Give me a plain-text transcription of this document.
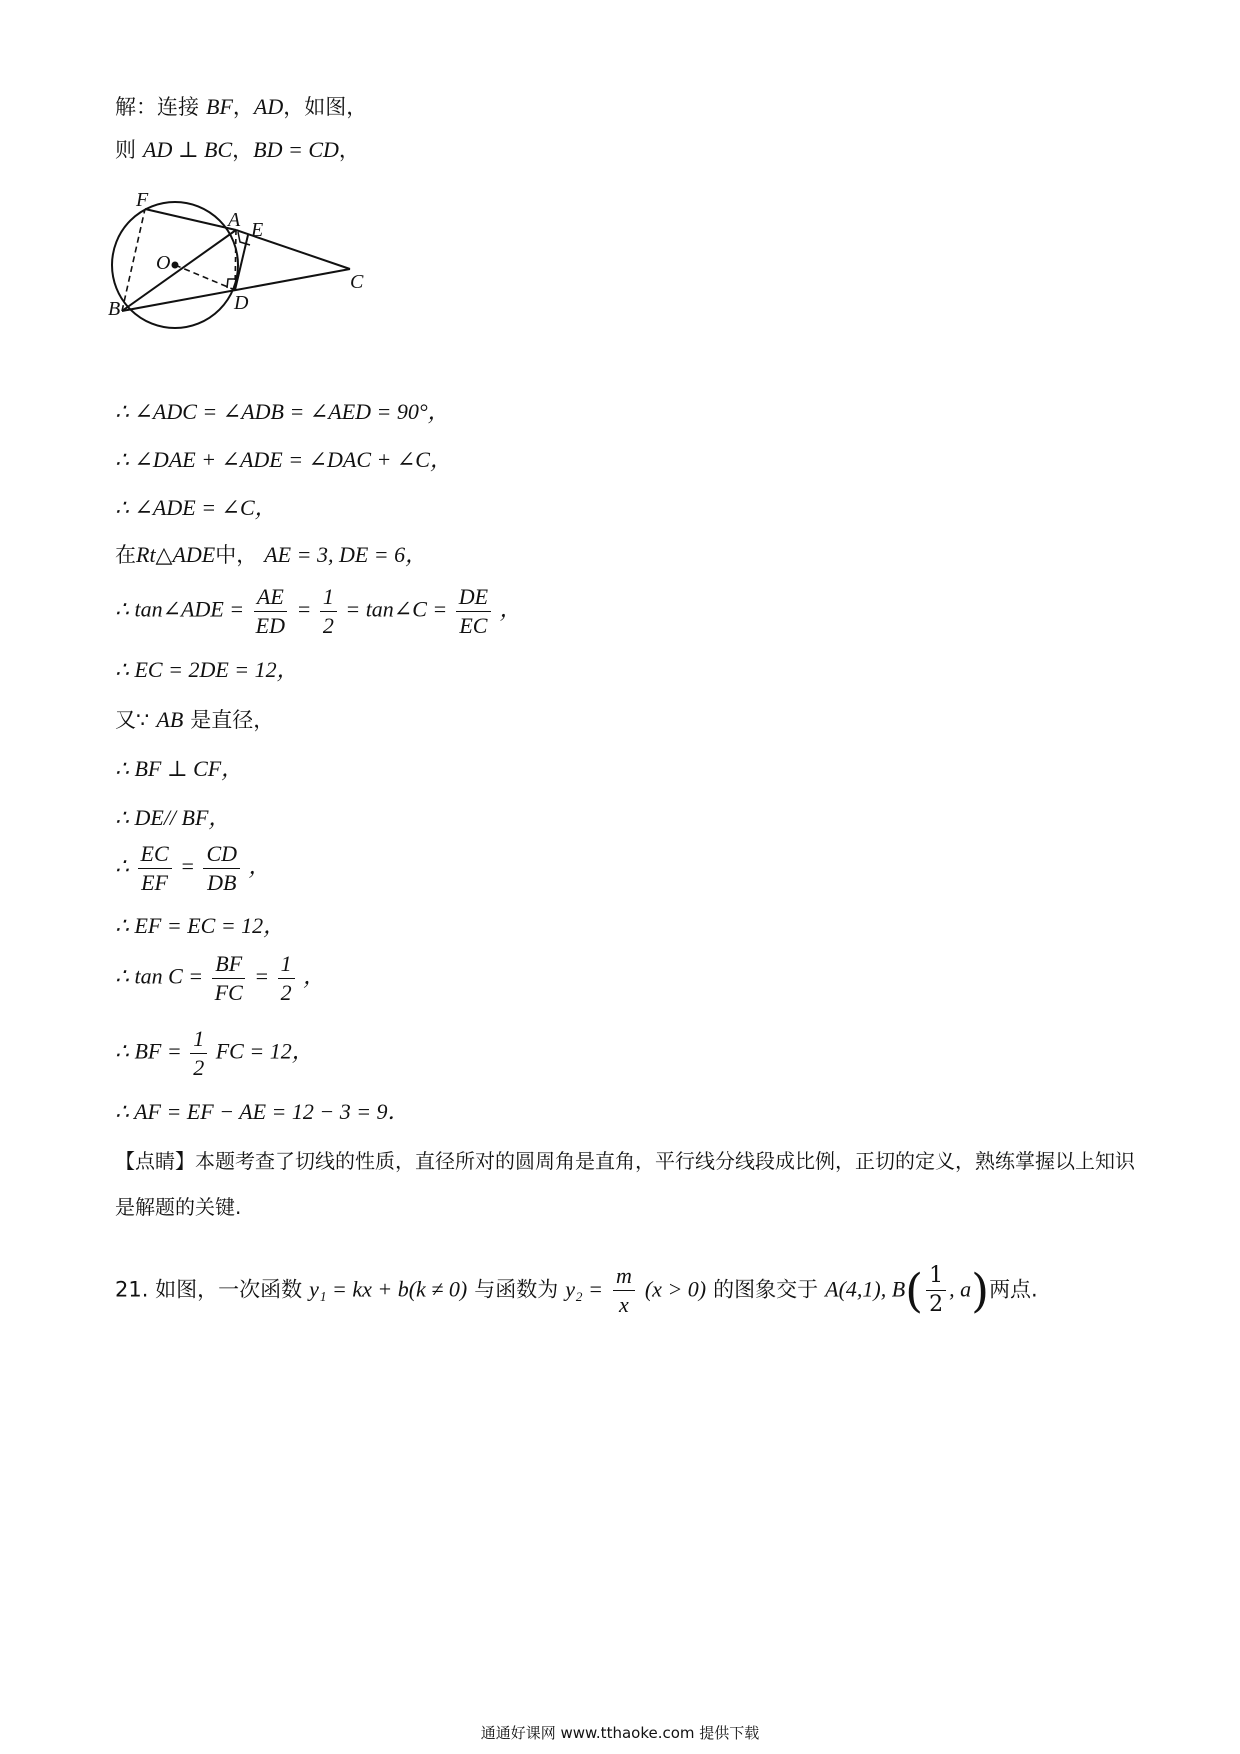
解：连接 BF，AD，如图，
则 AD ⊥ BC，BD = CD，
F
A E
O
C
B	D
∴ ∠ADC = ∠ADB = ∠AED = 90°，
∴ ∠DAE + ∠ADE = ∠DAC + ∠C，
∴ ∠ADE = ∠C，
在Rt△ADE中， AE = 3, DE = 6，
∴ tan∠ADE = $\frac{AE}{ED} = \frac{1}{2}$ = tan∠C = $\frac{DE}{EC}$ ，
∴ EC = 2DE = 12，
又∵ AB 是直径，
∴ BF ⊥ CF，
∴ DE// BF，
∴ $\frac{EC}{EF} = \frac{CD}{DB}$ ，
∴ EF = EC = 12，
∴ $\tan C = \frac{BF}{FC} = \frac{1}{2}$ ，
∴ BF = $\frac{1}{2}$ FC = 12，
∴ AF = EF − AE = 12 − 3 = 9．
【点睛】本题考查了切线的性质，直径所对的圆周角是直角，平行线分线段成比例，正切的定义，熟练掌握以上知识是解题的关键.
21. 如图，一次函数 y₁ = kx + b(k ≠ 0) 与函数为 $y_2 = \frac{m}{x} (x > 0)$ 的图象交于 A(4,1), $B( \frac{1}{2}$ , a)两点.
通通好课网 www.tthaoke.com 提供下载
